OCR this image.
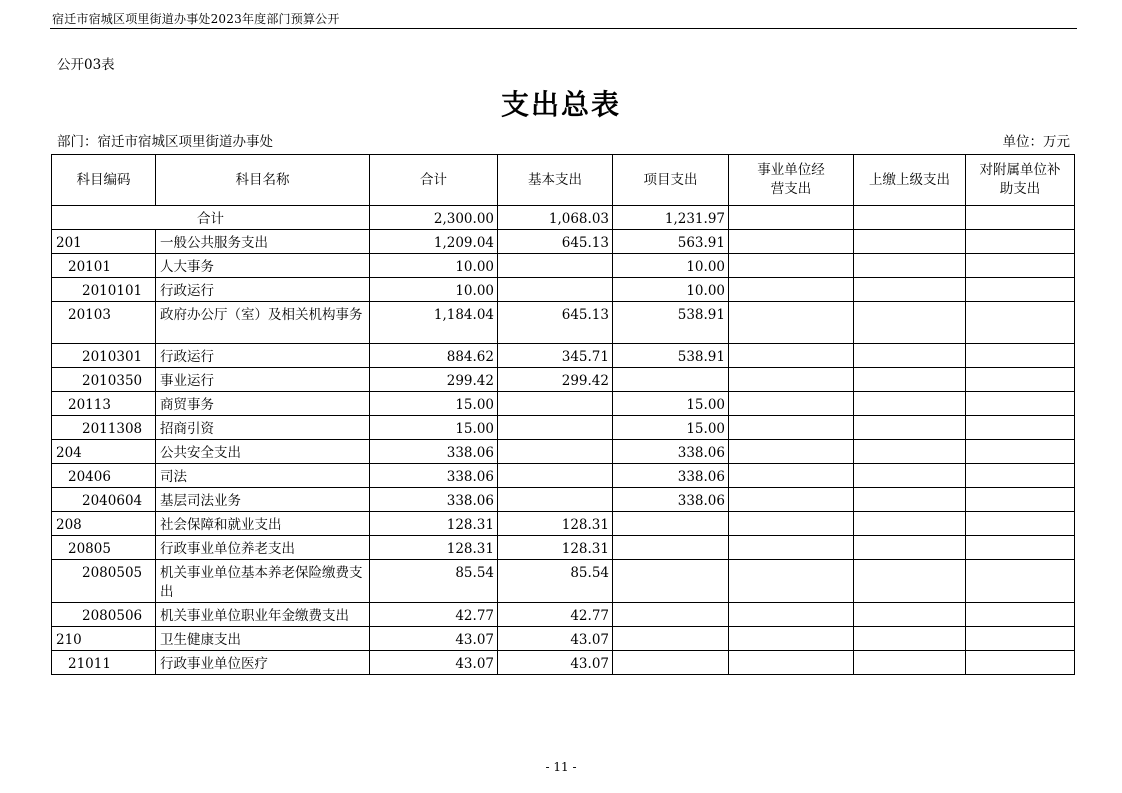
宿迁市宿城区项里街道办事处2023年度部门预算公开
公开03表
支出总表
部门：宿迁市宿城区项里街道办事处	单位：万元
科目编码	科目名称	合计	基本支出	项目支出	事业单位经营支出	上缴上级支出	对附属单位补助支出
合计		2,300.00	1,068.03	1,231.97			
201	一般公共服务支出	1,209.04	645.13	563.91			
20101	人大事务	10.00		10.00			
2010101	行政运行	10.00		10.00			
20103	政府办公厅（室）及相关机构事务	1,184.04	645.13	538.91			
2010301	行政运行	884.62	345.71	538.91			
2010350	事业运行	299.42	299.42				
20113	商贸事务	15.00		15.00			
2011308	招商引资	15.00		15.00			
204	公共安全支出	338.06		338.06			
20406	司法	338.06		338.06			
2040604	基层司法业务	338.06		338.06			
208	社会保障和就业支出	128.31	128.31				
20805	行政事业单位养老支出	128.31	128.31				
2080505	机关事业单位基本养老保险缴费支出	85.54	85.54				
2080506	机关事业单位职业年金缴费支出	42.77	42.77				
210	卫生健康支出	43.07	43.07				
21011	行政事业单位医疗	43.07	43.07				
- 11 -
